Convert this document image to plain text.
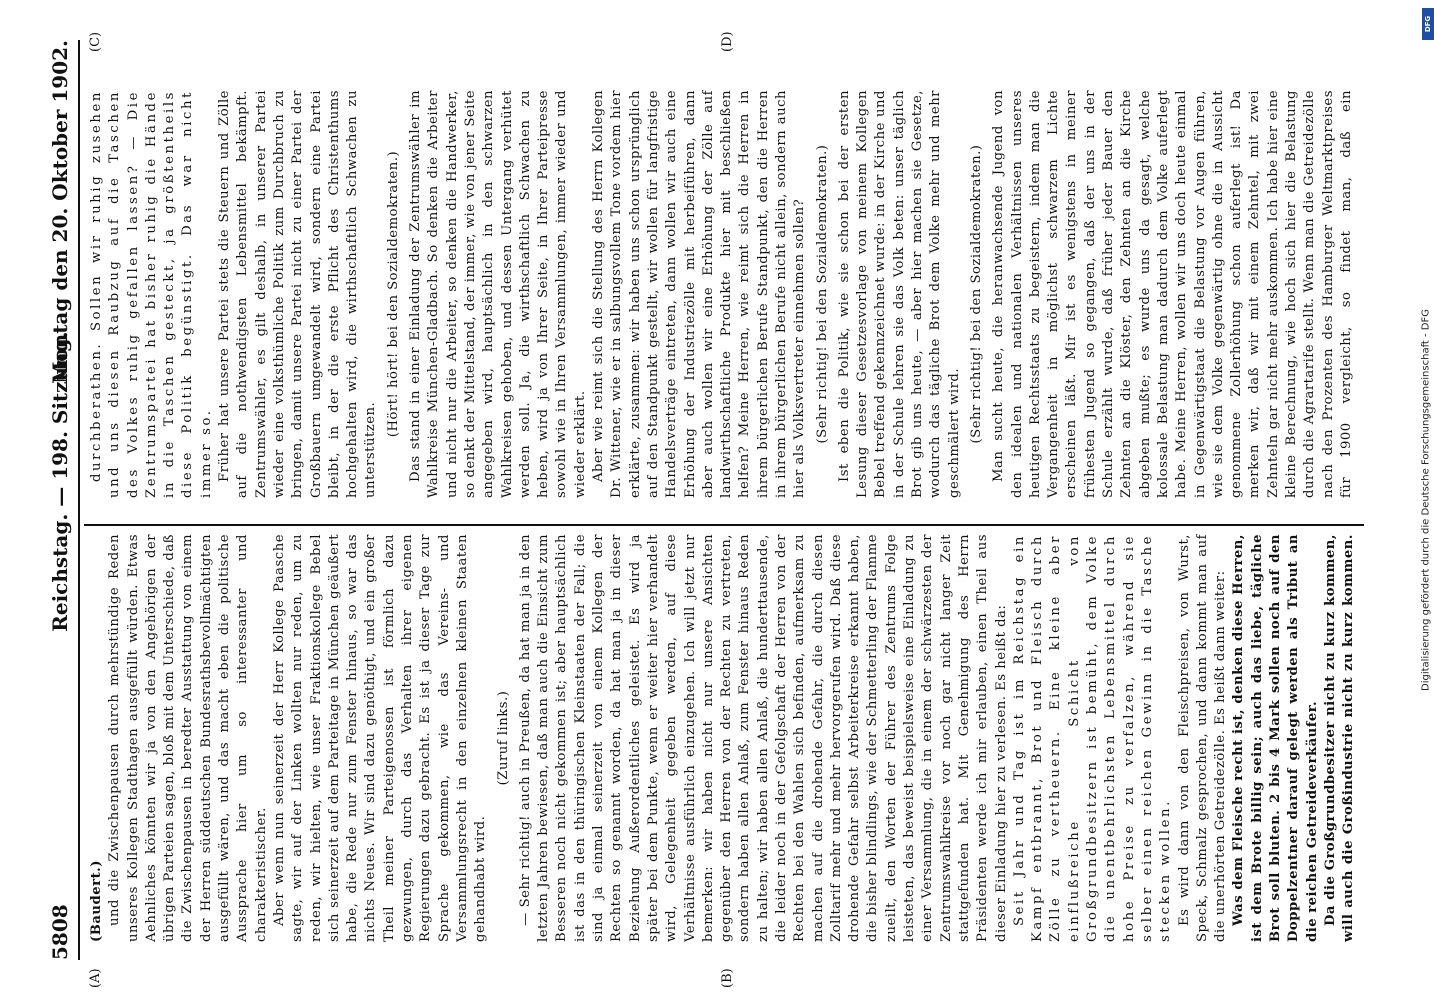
5808
Reichstag. — 198. Sitzung.
Montag den 20. Oktober 1902.
(A)	(B)
(C)	(D)

(Baudert.) und die Zwischenpausen durch mehrstündige Reden unseres Kollegen Stadthagen ausgefüllt würden. Etwas Aehnliches könnten wir ja von den Angehörigen der übrigen Parteien sagen, bloß mit dem Unterschiede, daß die Zwischenpausen in beredter Ausstattung von einem der Herren süddeutschen Bundesrathsbevollmächtigten ausgefüllt wären, und das macht eben die politische Aussprache hier um so interessanter und charakteristischer. Aber wenn nun seinerzeit der Herr Kollege Paasche sagte, wir auf der Linken wollten nur reden, um zu reden, wir hielten, wie unser Fraktionskollege Bebel sich seinerzeit auf dem Parteitage in München geäußert habe, die Rede nur zum Fenster hinaus, so war das nichts Neues. Wir sind dazu genöthigt, und ein großer Theil meiner Parteigenossen ist förmlich dazu gezwungen, durch das Verhalten ihrer eigenen Regierungen dazu gebracht. Es ist ja dieser Tage zur Sprache gekommen, wie das Vereins- und Versammlungsrecht in den einzelnen kleinen Staaten gehandhabt wird.

(Zuruf links.) — Sehr richtig! auch in Preußen, da hat man ja in den letzten Jahren bewiesen, daß man auch die Einsicht zum Besseren noch nicht gekommen ist; aber hauptsächlich ist das in den thüringischen Kleinstaaten der Fall; die sind ja einmal seinerzeit von einem Kollegen der Rechten so genannt worden, da hat man ja in dieser Beziehung Außerordentliches geleistet. Es wird ja später bei dem Punkte, wenn er weiter hier verhandelt wird, Gelegenheit gegeben werden, auf diese Verhältnisse ausführlich einzugehen. Ich will jetzt nur bemerken: wir haben nicht nur unsere Ansichten gegenüber den Herren von der Rechten zu vertreten, sondern haben allen Anlaß, zum Fenster hinaus Reden zu halten; wir haben allen Anlaß, die hunderttausende, die leider noch in der Gefolgschaft der Herren von der Rechten bei den Wahlen sich befinden, aufmerksam zu machen auf die drohende Gefahr, die durch diesen Zolltarif mehr und mehr hervorgerufen wird. Daß diese drohende Gefahr selbst Arbeiterkreise erkannt haben, die bisher blindlings, wie der Schmetterling der Flamme zueilt, den Worten der Führer des Zentrums Folge leisteten, das beweist beispielsweise eine Einladung zu einer Versammlung, die in einem der schwärzesten der Zentrumswahlkreise vor noch gar nicht langer Zeit stattgefunden hat. Mit Genehmigung des Herrn Präsidenten werde ich mir erlauben, einen Theil aus dieser Einladung hier zu verlesen. Es heißt da: Seit Jahr und Tag ist im Reichstag ein Kampf entbrannt, Brot und Fleisch durch Zölle zu vertheuern. Eine kleine aber einflußreiche Schicht von Großgrundbesitzern ist bemüht, dem Volke die unentbehrlichsten Lebensmittel durch hohe Preise zu verfalzen, während sie selber einen reichen Gewinn in die Tasche stecken wollen. Es wird dann von den Fleischpreisen, von Wurst, Speck, Schmalz gesprochen, und dann kommt man auf die unerhörten Getreidezölle. Es heißt dann weiter: Was dem Fleische recht ist, denken diese Herren, ist dem Brote billig sein; auch das liebe, tägliche Brot soll bluten. 2 bis 4 Mark sollen noch auf den Doppelzentner darauf gelegt werden als Tribut an die reichen Getreideverkäufer. Da die Großgrundbesitzer nicht zu kurz kommen, will auch die Großindustrie nicht zu kurz kommen.

durchberathen. Sollen wir ruhig zusehen und uns diesen Raubzug auf die Taschen des Volkes ruhig gefallen lassen? — Die Zentrumspartei hat bisher ruhig die Hände in die Taschen gesteckt, ja größtentheils diese Politik begünstigt. Das war nicht immer so. Früher hat unsere Partei stets die Steuern und Zölle auf die nothwendigsten Lebensmittel bekämpft. Zentrumswähler, es gilt deshalb, in unserer Partei wieder eine volksthümliche Politik zum Durchbruch zu bringen, damit unsere Partei nicht zu einer Partei der Großbauern umgewandelt wird, sondern eine Partei bleibt, in der die erste Pflicht des Christenthums hochgehalten wird, die wirthschaftlich Schwachen zu unterstützen.

(Hört! hört! bei den Sozialdemokraten.) Das stand in einer Einladung der Zentrumswähler im Wahlkreise München-Gladbach. So denken die Arbeiter und nicht nur die Arbeiter, so denken die Handwerker, so denkt der Mittelstand, der immer, wie von jener Seite angegeben wird, hauptsächlich in den schwarzen Wahlkreisen gehoben, und dessen Untergang verhütet werden soll. Ja, die wirthschaftlich Schwachen zu heben, wird ja von Ihrer Seite, in Ihrer Parteipresse sowohl wie in Ihren Versammlungen, immer wieder und wieder erklärt. Aber wie reimt sich die Stellung des Herrn Kollegen Dr. Wittener, wie er in salbungsvollem Tone vordem hier erklärte, zusammen: wir haben uns schon ursprünglich auf den Standpunkt gestellt, wir wollen für langfristige Handelsverträge eintreten, dann wollen wir auch eine Erhöhung der Industriezölle mit herbeiführen, dann aber auch wollen wir eine Erhöhung der Zölle auf landwirthschaftliche Produkte hier mit beschließen helfen? Meine Herren, wie reimt sich die Herren in ihrem bürgerlichen Berufe Standpunkt, den die Herren in ihrem bürgerlichen Berufe nicht allein, sondern auch hier als Volksvertreter einnehmen sollen? (Sehr richtig! bei den Sozialdemokraten.) Ist eben die Politik, wie sie schon bei der ersten Lesung dieser Gesetzesvorlage von meinem Kollegen Bebel treffend gekennzeichnet wurde: in der Kirche und in der Schule lehren sie das Volk beten: unser täglich Brot gib uns heute, — aber hier machen sie Gesetze, wodurch das tägliche Brot dem Volke mehr und mehr geschmälert wird. (Sehr richtig! bei den Sozialdemokraten.)

Man sucht heute, die heranwachsende Jugend von den idealen und nationalen Verhältnissen unseres heutigen Rechtsstaats zu begeistern, indem man die Vergangenheit in möglichst schwarzem Lichte erscheinen läßt. Mir ist es wenigstens in meiner frühesten Jugend so gegangen, daß der uns in der Schule erzählt wurde, daß früher jeder Bauer den Zehnten an die Klöster, den Zehnten an die Kirche abgeben mußte; es wurde uns da gesagt, welche kolossale Belastung man dadurch dem Volke auferlegt habe. Meine Herren, wollen wir uns doch heute einmal in Gegenwärtigstaat die Belastung vor Augen führen, wie sie dem Volke gegenwärtig ohne die in Aussicht genommene Zollerhöhung schon auferlegt ist! Da merken wir, daß wir mit einem Zehntel, mit zwei Zehnteln gar nicht mehr auskommen. Ich habe hier eine kleine Berechnung, wie hoch sich hier die Belastung durch die Agrartarife stellt. Wenn man die Getreidezölle nach den Prozenten des Hamburger Weltmarktpreises für 1900 vergleicht, so findet man, daß ein

Digitalisierung gefördert durch die Deutsche Forschungsgemeinschaft - DFG
DFG
